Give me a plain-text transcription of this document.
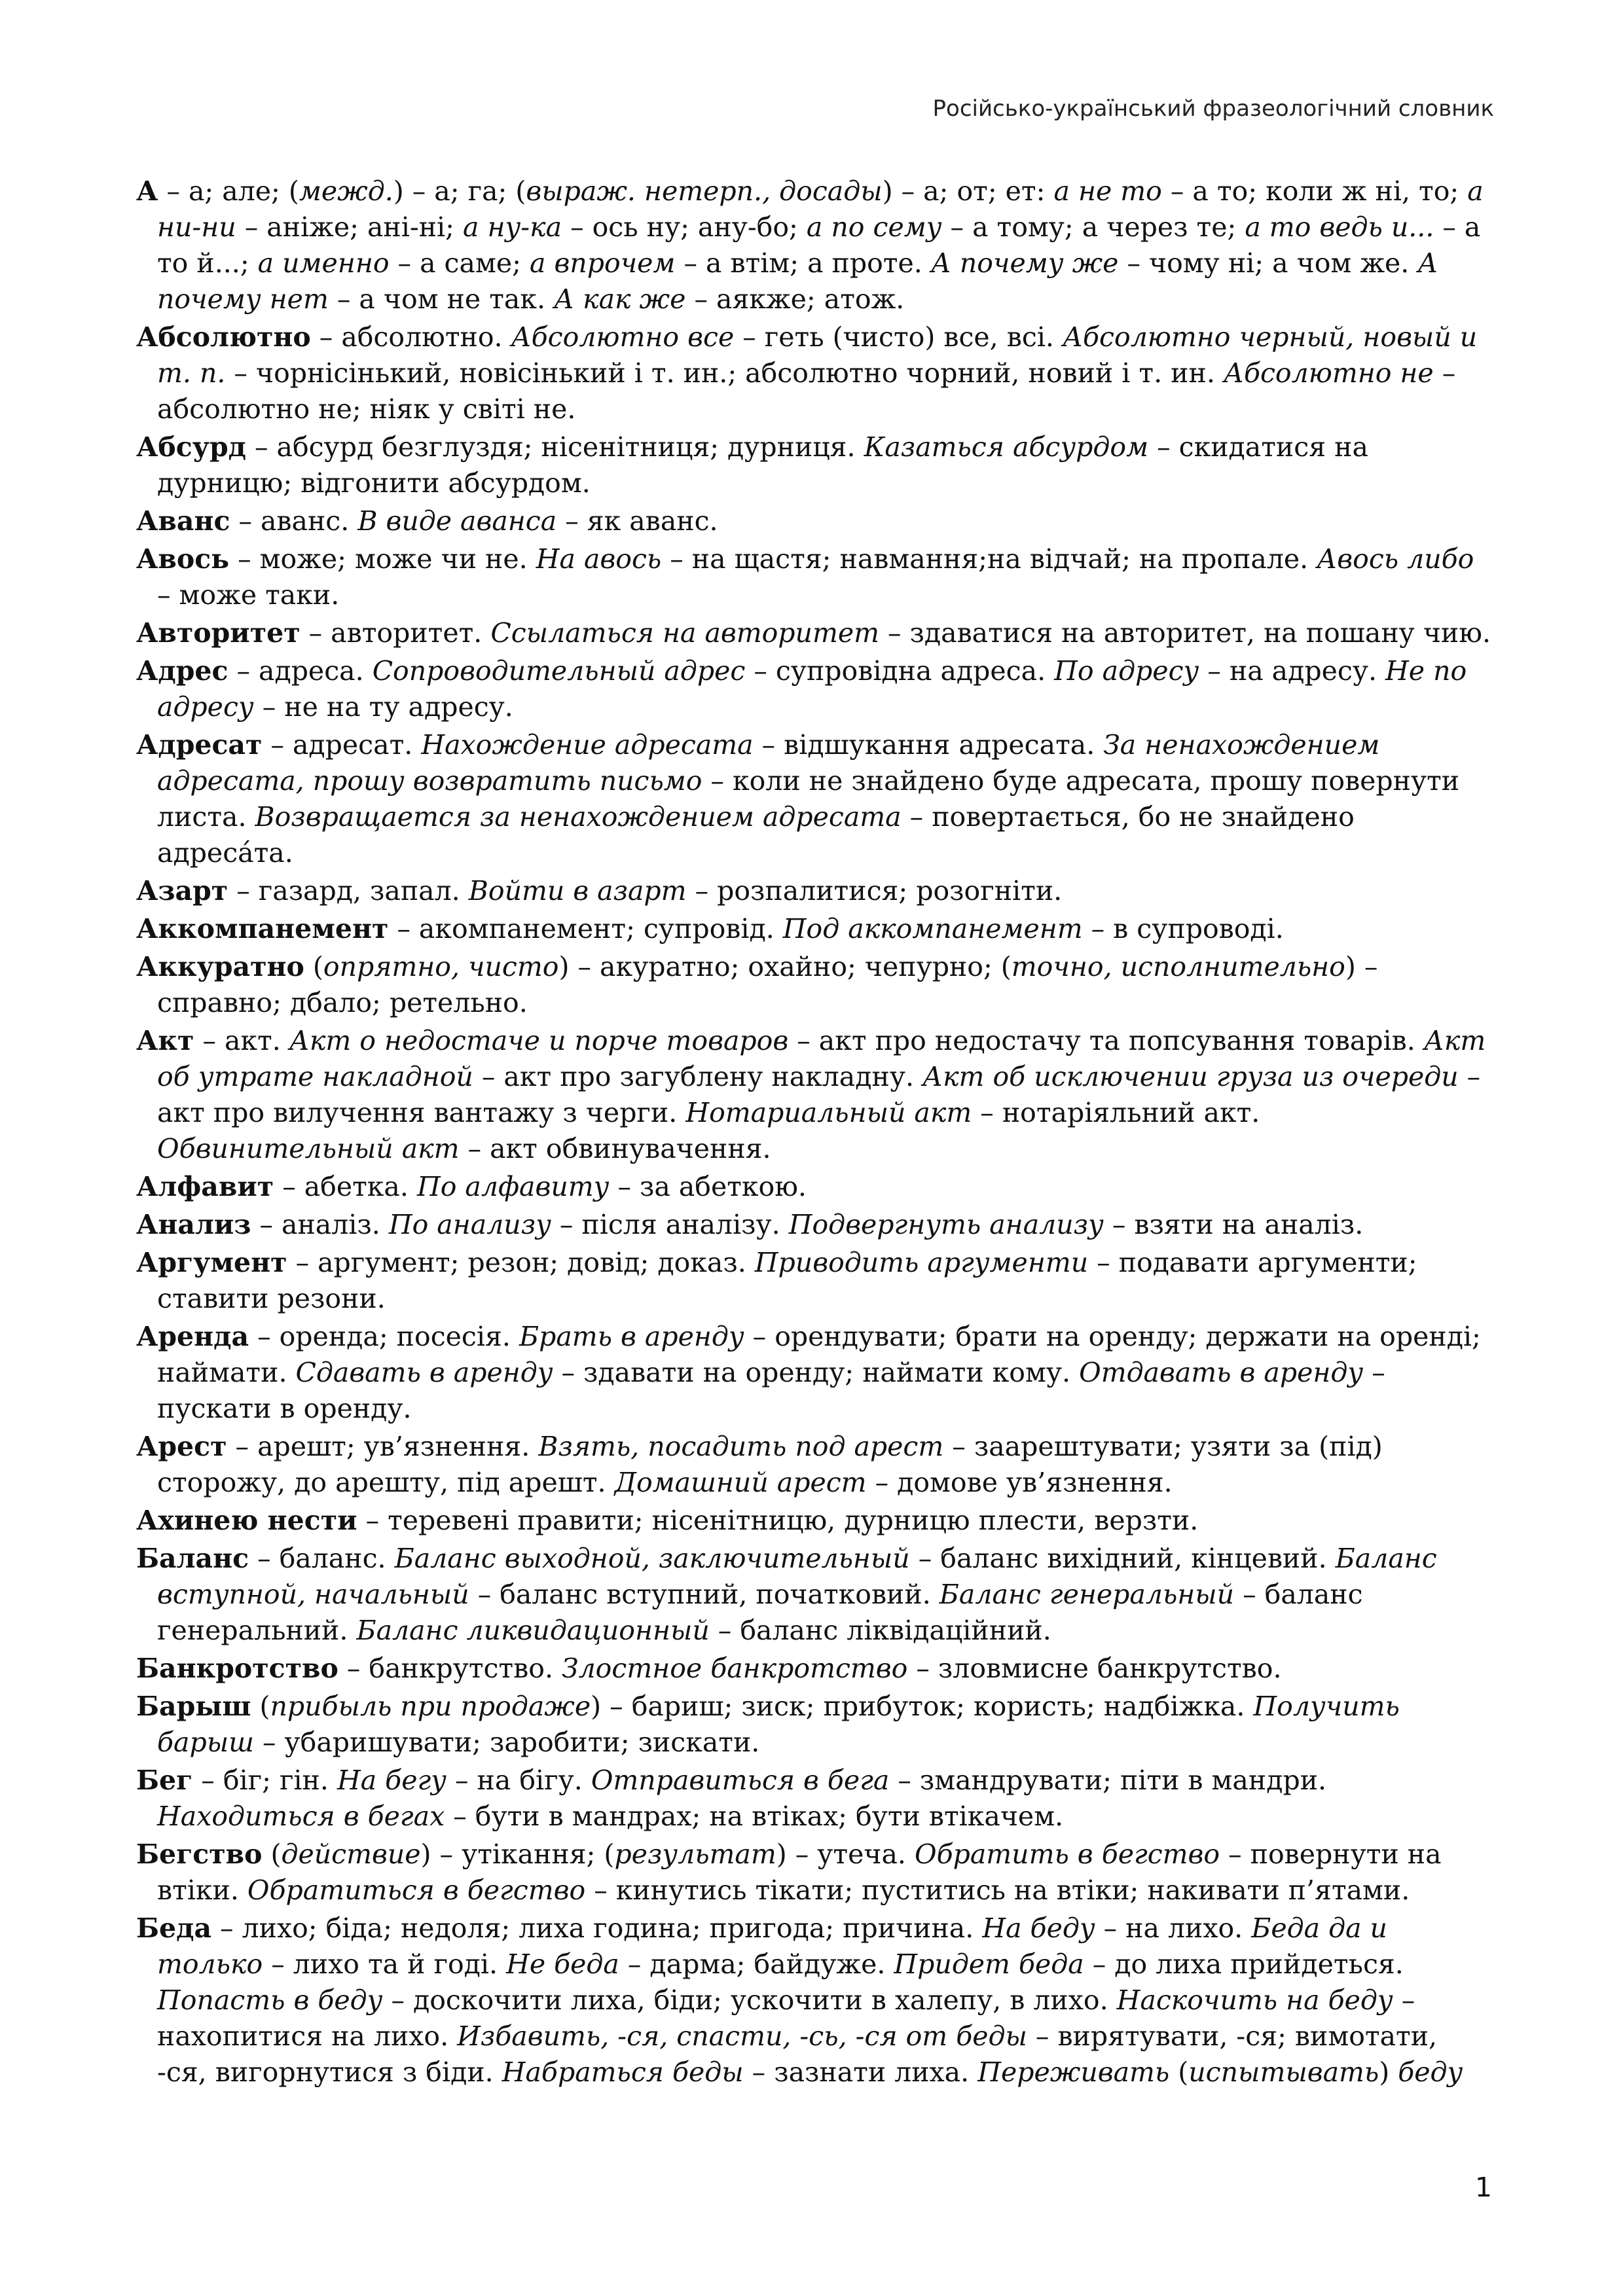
Російсько-український фразеологічний словник

А – а; але; (межд.) – а; га; (выраж. нетерп., досады) – а; от; ет: а не то – а то; коли ж ні, то; а ни-ни – аніже; ані-ні; а ну-ка – ось ну; ану-бо; а по сему – а тому; а через те; а то ведь и... – а то й...; а именно – а саме; а впрочем – а втім; а проте. А почему же – чому ні; а чом же. А почему нет – а чом не так. А как же – аякже; атож.

Абсолютно – абсолютно. Абсолютно все – геть (чисто) все, всі. Абсолютно черный, новый и т. п. – чорнісінький, новісінький і т. ин.; абсолютно чорний, новий і т. ин. Абсолютно не – абсолютно не; ніяк у світі не.

Абсурд – абсурд безглуздя; нісенітниця; дурниця. Казаться абсурдом – скидатися на дурницю; відгонити абсурдом.

Аванс – аванс. В виде аванса – як аванс.

Авось – може; може чи не. На авось – на щастя; навмання;на відчай; на пропале. Авось либо – може таки.

Авторитет – авторитет. Ссылаться на авторитет – здаватися на авторитет, на пошану чию.

Адрес – адреса. Сопроводительный адрес – супровідна адреса. По адресу – на адресу. Не по адресу – не на ту адресу.

Адресат – адресат. Нахождение адресата – відшукання адресата. За ненахождением адресата, прошу возвратить письмо – коли не знайдено буде адресата, прошу повернути листа. Возвращается за ненахождением адресата – повертається, бо не знайдено адреса́та.

Азарт – газард, запал. Войти в азарт – розпалитися; розогніти.

Аккомпанемент – акомпанемент; супровід. Под аккомпанемент – в супроводі.

Аккуратно (опрятно, чисто) – акуратно; охайно; чепурно; (точно, исполнительно) – справно; дбало; ретельно.

Акт – акт. Акт о недостаче и порче товаров – акт про недостачу та попсування товарів. Акт об утрате накладной – акт про загублену накладну. Акт об исключении груза из очереди – акт про вилучення вантажу з черги. Нотариальный акт – нотаріяльний акт. Обвинительный акт – акт обвинувачення.

Алфавит – абетка. По алфавиту – за абеткою.

Анализ – аналіз. По анализу – після аналізу. Подвергнуть анализу – взяти на аналіз.

Аргумент – аргумент; резон; довід; доказ. Приводить аргументи – подавати аргументи; ставити резони.

Аренда – оренда; посесія. Брать в аренду – орендувати; брати на оренду; держати на оренді; наймати. Сдавать в аренду – здавати на оренду; наймати кому. Отдавать в аренду – пускати в оренду.

Арест – арешт; ув’язнення. Взять, посадить под арест – заарештувати; узяти за (під) сторожу, до арешту, під арешт. Домашний арест – домове ув’язнення.

Ахинею нести – теревені правити; нісенітницю, дурницю плести, верзти.

Баланс – баланс. Баланс выходной, заключительный – баланс вихідний, кінцевий. Баланс вступной, начальный – баланс вступний, початковий. Баланс генеральный – баланс генеральний. Баланс ликвидационный – баланс ліквідаційний.

Банкротство – банкрутство. Злостное банкротство – зловмисне банкрутство.

Барыш (прибыль при продаже) – бариш; зиск; прибуток; користь; надбіжка. Получить барыш – убаришувати; заробити; зискати.

Бег – біг; гін. На бегу – на бігу. Отправиться в бега – змандрувати; піти в мандри. Находиться в бегах – бути в мандрах; на втіках; бути втікачем.

Бегство (действие) – утікання; (результат) – утеча. Обратить в бегство – повернути на втіки. Обратиться в бегство – кинутись тікати; пуститись на втіки; накивати п’ятами.

Беда – лихо; біда; недоля; лиха година; пригода; причина. На беду – на лихо. Беда да и только – лихо та й годі. Не беда – дарма; байдуже. Придет беда – до лиха прийдеться. Попасть в беду – доскочити лиха, біди; ускочити в халепу, в лихо. Наскочить на беду – нахопитися на лихо. Избавить, -ся, спасти, -сь, -ся от беды – вирятувати, -ся; вимотати, -ся, вигорнутися з біди. Набраться беды – зазнати лиха. Переживать (испытывать) беду

1
